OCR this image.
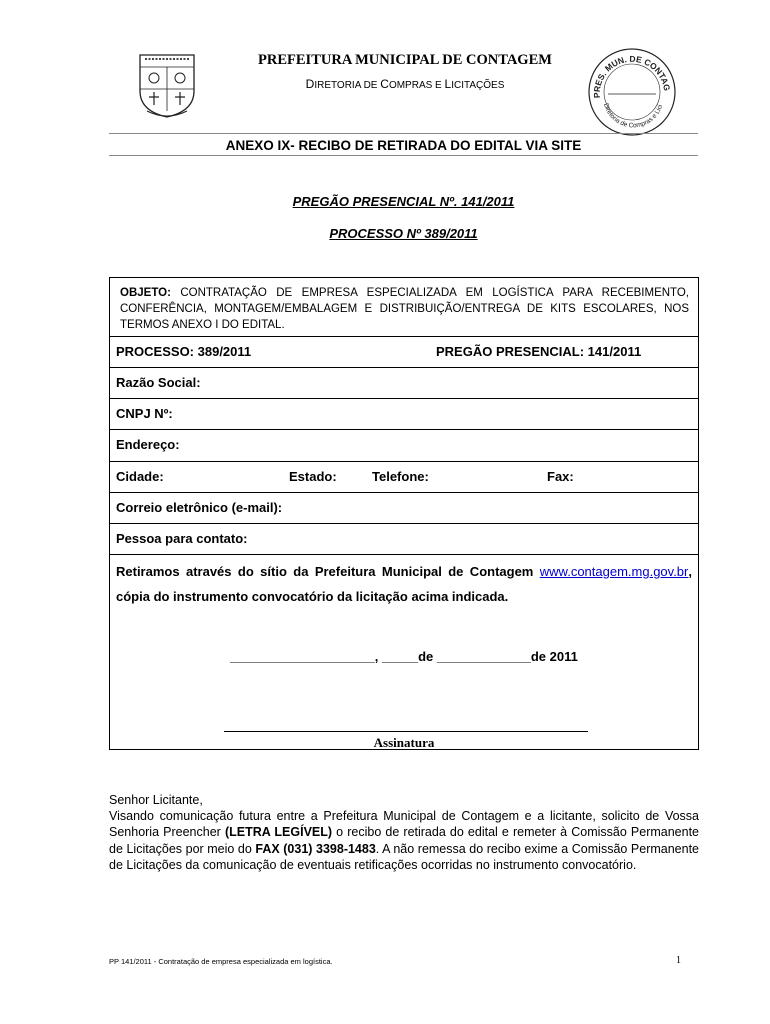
PREFEITURA MUNICIPAL DE CONTAGEM
DIRETORIA DE COMPRAS E LICITAÇÕES
PRES. MUN. DE CONTAG
Diretoria de Compras e Lici
ANEXO IX- RECIBO DE RETIRADA DO EDITAL VIA SITE
PREGÃO PRESENCIAL Nº. 141/2011
PROCESSO Nº 389/2011
OBJETO: CONTRATAÇÃO DE EMPRESA ESPECIALIZADA EM LOGÍSTICA PARA RECEBIMENTO, CONFERÊNCIA, MONTAGEM/EMBALAGEM E DISTRIBUIÇÃO/ENTREGA DE KITS ESCOLARES, NOS TERMOS ANEXO I DO EDITAL.
PROCESSO: 389/2011	PREGÃO PRESENCIAL: 141/2011
Razão Social:
CNPJ Nº:
Endereço:
Cidade:	Estado:	Telefone:	Fax:
Correio eletrônico (e-mail):
Pessoa para contato:
Retiramos através do sítio da Prefeitura Municipal de Contagem www.contagem.mg.gov.br, cópia do instrumento convocatório da licitação acima indicada.
____________________, _____de _____________de 2011
Assinatura

Senhor Licitante,

Visando comunicação futura entre a Prefeitura Municipal de Contagem e a licitante, solicito de Vossa Senhoria Preencher (LETRA LEGÍVEL) o recibo de retirada do edital e remeter à Comissão Permanente de Licitações por meio do FAX (031) 3398-1483. A não remessa do recibo exime a Comissão Permanente de Licitações da comunicação de eventuais retificações ocorridas no instrumento convocatório.

PP 141/2011 - Contratação de empresa especializada em logística.	1
